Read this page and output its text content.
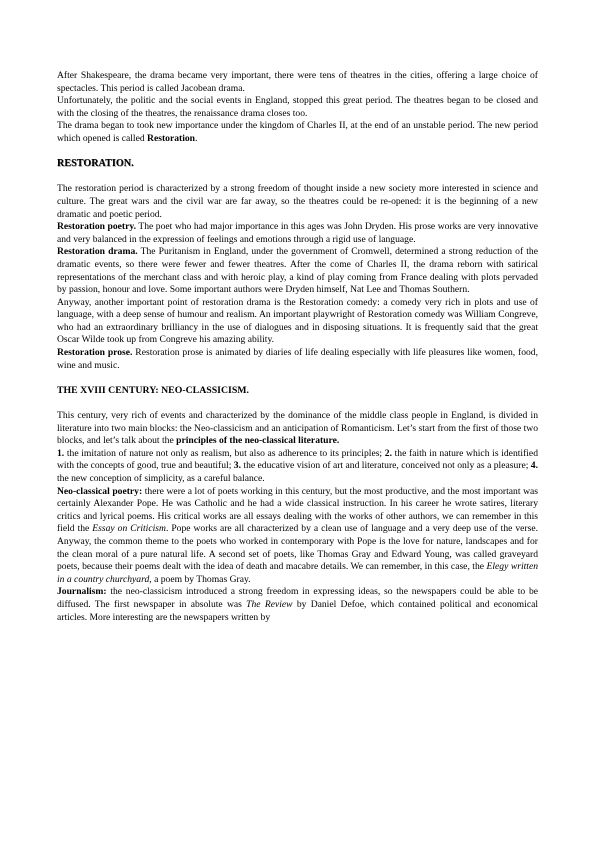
After Shakespeare, the drama became very important, there were tens of theatres in the cities, offering a large choice of spectacles. This period is called Jacobean drama.

Unfortunately, the politic and the social events in England, stopped this great period. The theatres began to be closed and with the closing of the theatres, the renaissance drama closes too.

The drama began to took new importance under the kingdom of Charles II, at the end of an unstable period. The new period which opened is called Restoration.

RESTORATION.

The restoration period is characterized by a strong freedom of thought inside a new society more interested in science and culture. The great wars and the civil war are far away, so the theatres could be re-opened: it is the beginning of a new dramatic and poetic period.

Restoration poetry. The poet who had major importance in this ages was John Dryden. His prose works are very innovative and very balanced in the expression of feelings and emotions through a rigid use of language.

Restoration drama. The Puritanism in England, under the government of Cromwell, determined a strong reduction of the dramatic events, so there were fewer and fewer theatres. After the come of Charles II, the drama reborn with satirical representations of the merchant class and with heroic play, a kind of play coming from France dealing with plots pervaded by passion, honour and love. Some important authors were Dryden himself, Nat Lee and Thomas Southern.

Anyway, another important point of restoration drama is the Restoration comedy: a comedy very rich in plots and use of language, with a deep sense of humour and realism. An important playwright of Restoration comedy was William Congreve, who had an extraordinary brilliancy in the use of dialogues and in disposing situations. It is frequently said that the great Oscar Wilde took up from Congreve his amazing ability.

Restoration prose. Restoration prose is animated by diaries of life dealing especially with life pleasures like women, food, wine and music.

THE XVIII CENTURY: NEO-CLASSICISM.

This century, very rich of events and characterized by the dominance of the middle class people in England, is divided in literature into two main blocks: the Neo-classicism and an anticipation of Romanticism. Let’s start from the first of those two blocks, and let’s talk about the principles of the neo-classical literature.

1. the imitation of nature not only as realism, but also as adherence to its principles; 2. the faith in nature which is identified with the concepts of good, true and beautiful; 3. the educative vision of art and literature, conceived not only as a pleasure; 4. the new conception of simplicity, as a careful balance.

Neo-classical poetry: there were a lot of poets working in this century, but the most productive, and the most important was certainly Alexander Pope. He was Catholic and he had a wide classical instruction. In his career he wrote satires, literary critics and lyrical poems. His critical works are all essays dealing with the works of other authors, we can remember in this field the Essay on Criticism. Pope works are all characterized by a clean use of language and a very deep use of the verse. Anyway, the common theme to the poets who worked in contemporary with Pope is the love for nature, landscapes and for the clean moral of a pure natural life. A second set of poets, like Thomas Gray and Edward Young, was called graveyard poets, because their poems dealt with the idea of death and macabre details. We can remember, in this case, the Elegy written in a country churchyard, a poem by Thomas Gray.

Journalism: the neo-classicism introduced a strong freedom in expressing ideas, so the newspapers could be able to be diffused. The first newspaper in absolute was The Review by Daniel Defoe, which contained political and economical articles. More interesting are the newspapers written by
